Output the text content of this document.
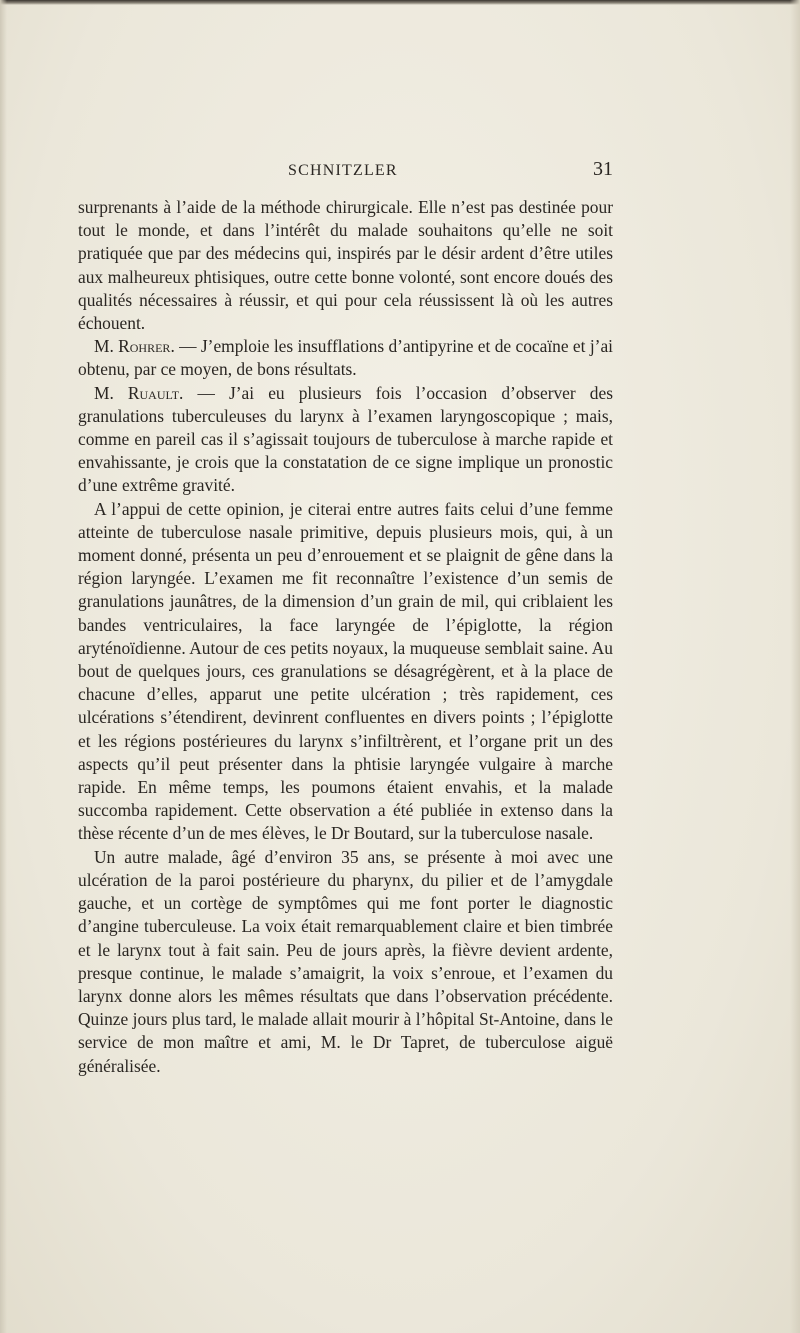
SCHNITZLER	31

surprenants à l’aide de la méthode chirurgicale. Elle n’est pas destinée pour tout le monde, et dans l’intérêt du malade souhaitons qu’elle ne soit pratiquée que par des médecins qui, inspirés par le désir ardent d’être utiles aux malheureux phtisiques, outre cette bonne volonté, sont encore doués des qualités nécessaires à réussir, et qui pour cela réussissent là où les autres échouent.

M. Rohrer. — J’emploie les insufflations d’antipyrine et de cocaïne et j’ai obtenu, par ce moyen, de bons résultats.

M. Ruault. — J’ai eu plusieurs fois l’occasion d’observer des granulations tuberculeuses du larynx à l’examen laryngoscopique ; mais, comme en pareil cas il s’agissait toujours de tuberculose à marche rapide et envahissante, je crois que la constatation de ce signe implique un pronostic d’une extrême gravité.

A l’appui de cette opinion, je citerai entre autres faits celui d’une femme atteinte de tuberculose nasale primitive, depuis plusieurs mois, qui, à un moment donné, présenta un peu d’enrouement et se plaignit de gêne dans la région laryngée. L’examen me fit reconnaître l’existence d’un semis de granulations jaunâtres, de la dimension d’un grain de mil, qui criblaient les bandes ventriculaires, la face laryngée de l’épiglotte, la région aryténoïdienne. Autour de ces petits noyaux, la muqueuse semblait saine. Au bout de quelques jours, ces granulations se désagrégèrent, et à la place de chacune d’elles, apparut une petite ulcération ; très rapidement, ces ulcérations s’étendirent, devinrent confluentes en divers points ; l’épiglotte et les régions postérieures du larynx s’infiltrèrent, et l’organe prit un des aspects qu’il peut présenter dans la phtisie laryngée vulgaire à marche rapide. En même temps, les poumons étaient envahis, et la malade succomba rapidement. Cette observation a été publiée in extenso dans la thèse récente d’un de mes élèves, le Dr Boutard, sur la tuberculose nasale.

Un autre malade, âgé d’environ 35 ans, se présente à moi avec une ulcération de la paroi postérieure du pharynx, du pilier et de l’amygdale gauche, et un cortège de symptômes qui me font porter le diagnostic d’angine tuberculeuse. La voix était remarquablement claire et bien timbrée et le larynx tout à fait sain. Peu de jours après, la fièvre devient ardente, presque continue, le malade s’amaigrit, la voix s’enroue, et l’examen du larynx donne alors les mêmes résultats que dans l’observation précédente. Quinze jours plus tard, le malade allait mourir à l’hôpital St-Antoine, dans le service de mon maître et ami, M. le Dr Tapret, de tuberculose aiguë généralisée.
